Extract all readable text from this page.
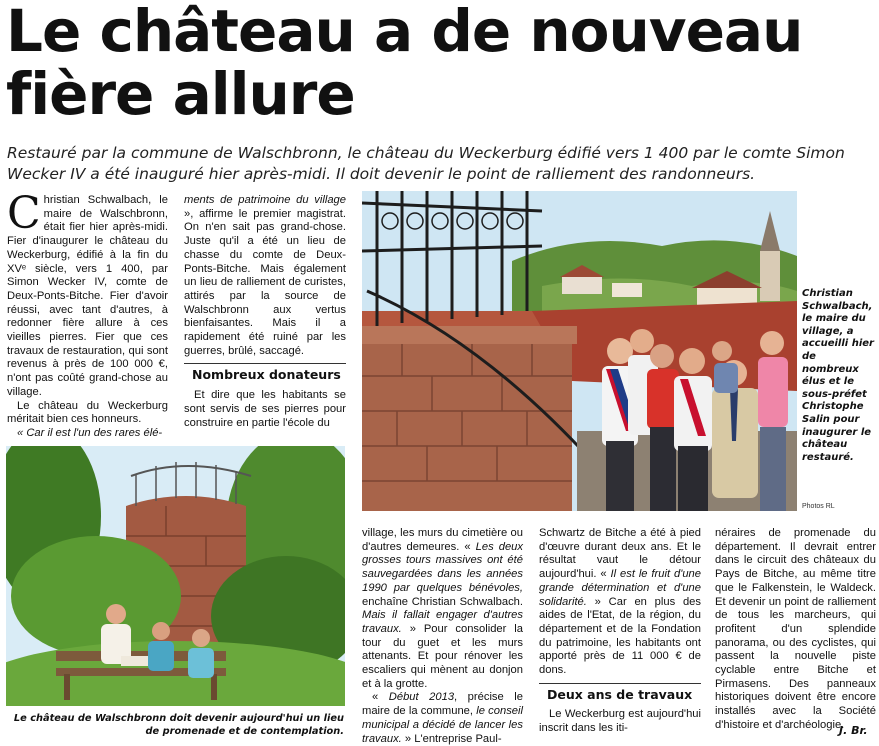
Le château a de nouveau fière allure

Restauré par la commune de Walschbronn, le château du Weckerburg édifié vers 1 400 par le comte Simon Wecker IV a été inauguré hier après-midi. Il doit devenir le point de ralliement des randonneurs.

Christian Schwalbach, le maire de Walschbronn, était fier hier après-midi. Fier d'inaugurer le château du Weckerburg, édifié à la fin du XVᵉ siècle, vers 1 400, par Simon Wecker IV, comte de Deux-Ponts-Bitche. Fier d'avoir réussi, avec tant d'autres, à redonner fière allure à ces vieilles pierres. Fier que ces travaux de restauration, qui sont revenus à près de 100 000 €, n'ont pas coûté grand-chose au village.

Le château du Weckerburg méritait bien ces honneurs.

« Car il est l'un des rares élé-

ments de patrimoine du village », affirme le premier magistrat. On n'en sait pas grand-chose. Juste qu'il a été un lieu de chasse du comte de Deux-Ponts-Bitche. Mais également un lieu de ralliement de curistes, attirés par la source de Walschbronn aux vertus bienfaisantes. Mais il a rapidement été ruiné par les guerres, brûlé, saccagé.

Nombreux donateurs

Et dire que les habitants se sont servis de ses pierres pour construire en partie l'école du

village, les murs du cimetière ou d'autres demeures. « Les deux grosses tours massives ont été sauvegardées dans les années 1990 par quelques bénévoles, enchaîne Christian Schwalbach. Mais il fallait engager d'autres travaux. » Pour consolider la tour du guet et les murs attenants. Et pour rénover les escaliers qui mènent au donjon et à la grotte.

« Début 2013, précise le maire de la commune, le conseil municipal a décidé de lancer les travaux. » L'entreprise Paul-

Schwartz de Bitche a été à pied d'œuvre durant deux ans. Et le résultat vaut le détour aujourd'hui. « Il est le fruit d'une grande détermination et d'une solidarité. » Car en plus des aides de l'Etat, de la région, du département et de la Fondation du patrimoine, les habitants ont apporté près de 11 000 € de dons.

Deux ans de travaux

Le Weckerburg est aujourd'hui inscrit dans les iti-

néraires de promenade du département. Il devrait entrer dans le circuit des châteaux du Pays de Bitche, au même titre que le Falkenstein, le Waldeck. Et devenir un point de ralliement de tous les marcheurs, qui profitent d'un splendide panorama, ou des cyclistes, qui passent la nouvelle piste cyclable entre Bitche et Pirmasens. Des panneaux historiques doivent être encore installés avec la Société d'histoire et d'archéologie.

Christian Schwalbach, le maire du village, a accueilli hier de nombreux élus et le sous-préfet Christophe Salin pour inaugurer le château restauré.
Photos RL
Le château de Walschbronn doit devenir aujourd'hui un lieu de promenade et de contemplation.	J. Br.
